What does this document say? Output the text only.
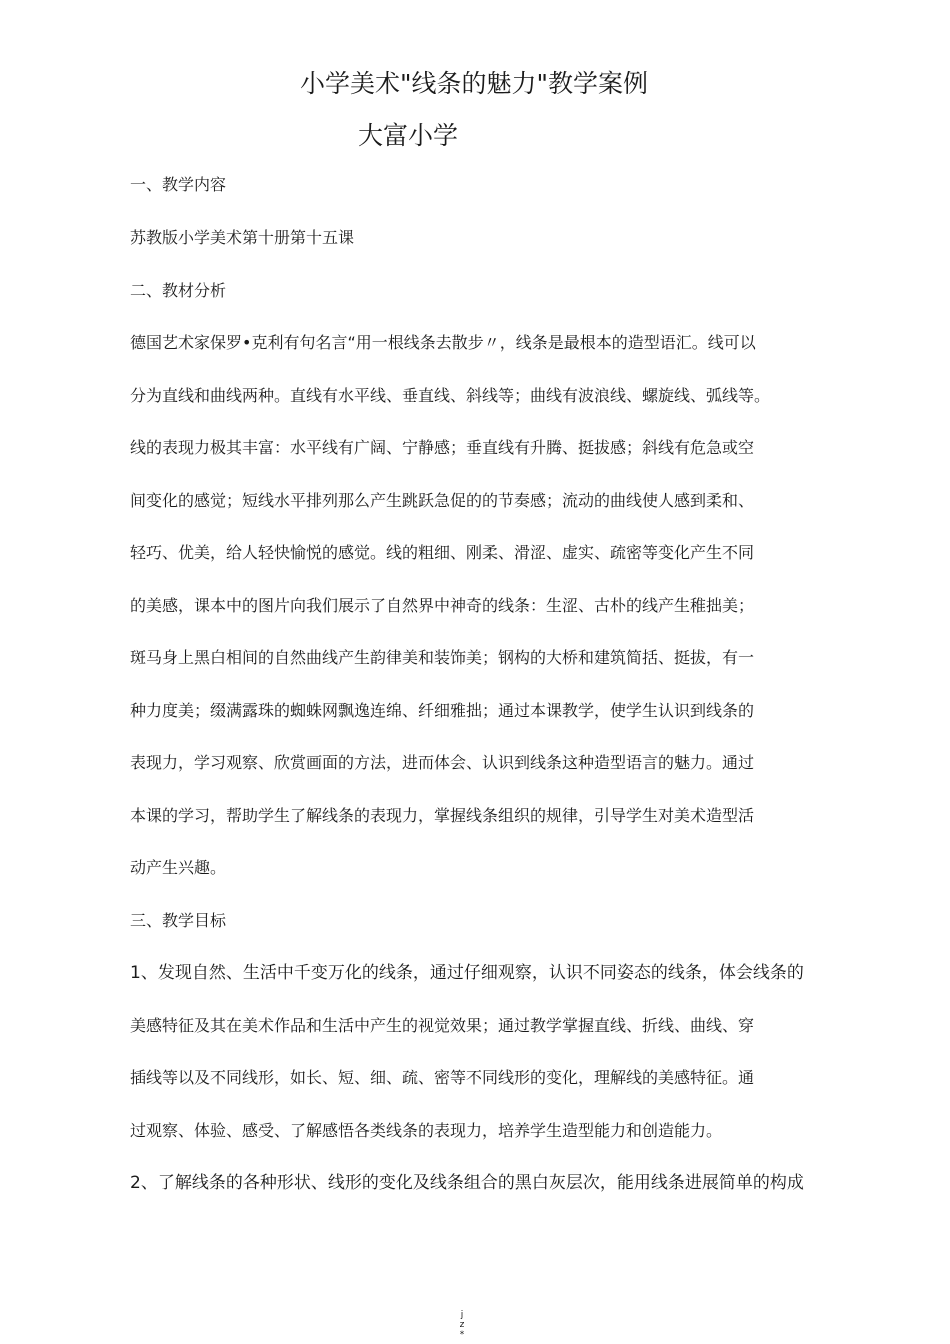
小学美术"线条的魅力"教学案例
大富小学
一、教学内容
苏教版小学美术第十册第十五课
二、教材分析
德国艺术家保罗•克利有句名言“用一根线条去散步〃，线条是最根本的造型语汇。线可以
分为直线和曲线两种。直线有水平线、垂直线、斜线等；曲线有波浪线、螺旋线、弧线等。
线的表现力极其丰富：水平线有广阔、宁静感；垂直线有升腾、挺拔感；斜线有危急或空
间变化的感觉；短线水平排列那么产生跳跃急促的的节奏感；流动的曲线使人感到柔和、
轻巧、优美，给人轻快愉悦的感觉。线的粗细、刚柔、滑涩、虚实、疏密等变化产生不同
的美感，课本中的图片向我们展示了自然界中神奇的线条：生涩、古朴的线产生稚拙美；
斑马身上黑白相间的自然曲线产生韵律美和装饰美；钢构的大桥和建筑简括、挺拔，有一
种力度美；缀满露珠的蜘蛛网飘逸连绵、纤细雅拙；通过本课教学，使学生认识到线条的
表现力，学习观察、欣赏画面的方法，进而体会、认识到线条这种造型语言的魅力。通过
本课的学习，帮助学生了解线条的表现力，掌握线条组织的规律，引导学生对美术造型活
动产生兴趣。
三、教学目标
1、发现自然、生活中千变万化的线条，通过仔细观察，认识不同姿态的线条，体会线条的
美感特征及其在美术作品和生活中产生的视觉效果；通过教学掌握直线、折线、曲线、穿
插线等以及不同线形，如长、短、细、疏、密等不同线形的变化，理解线的美感特征。通
过观察、体验、感受、了解感悟各类线条的表现力，培养学生造型能力和创造能力。
2、了解线条的各种形状、线形的变化及线条组合的黑白灰层次，能用线条进展简单的构成
j
z
*
